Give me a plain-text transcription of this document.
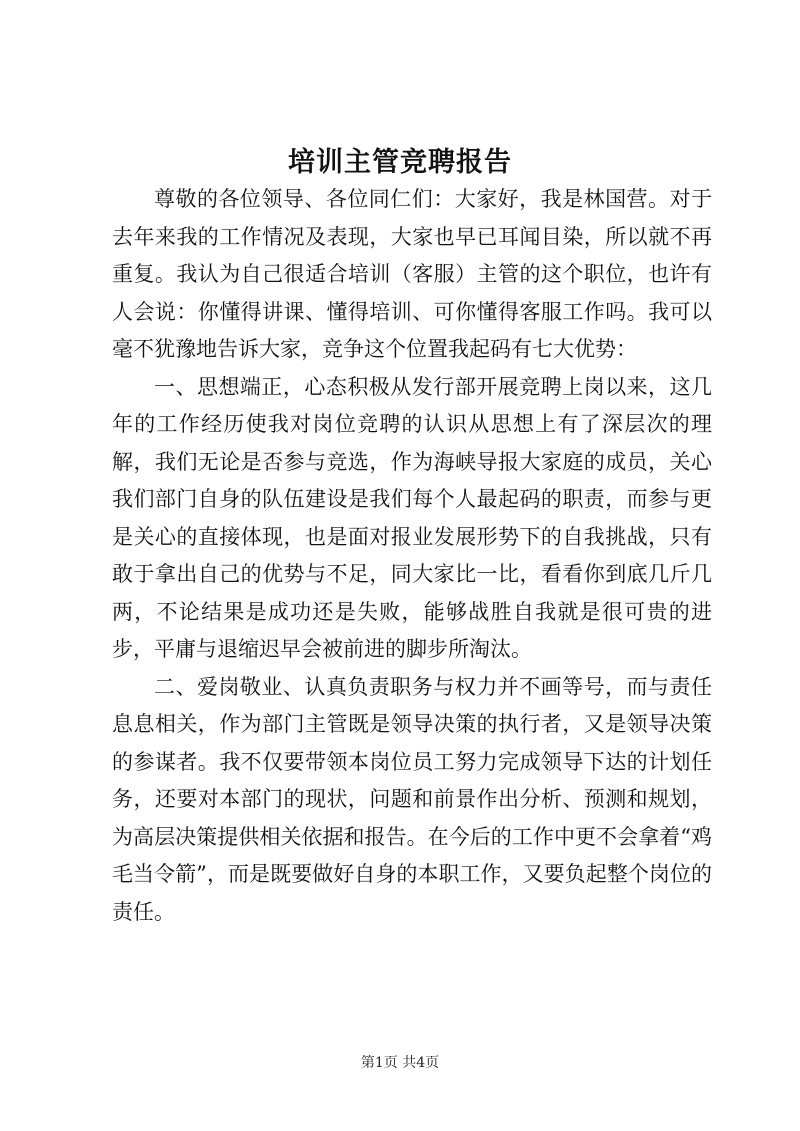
培训主管竞聘报告

尊敬的各位领导、各位同仁们：大家好，我是林国营。对于去年来我的工作情况及表现，大家也早已耳闻目染，所以就不再重复。我认为自己很适合培训（客服）主管的这个职位，也许有人会说：你懂得讲课、懂得培训、可你懂得客服工作吗。我可以毫不犹豫地告诉大家，竞争这个位置我起码有七大优势：

一、思想端正，心态积极从发行部开展竞聘上岗以来，这几年的工作经历使我对岗位竞聘的认识从思想上有了深层次的理解，我们无论是否参与竞选，作为海峡导报大家庭的成员，关心我们部门自身的队伍建设是我们每个人最起码的职责，而参与更是关心的直接体现，也是面对报业发展形势下的自我挑战，只有敢于拿出自己的优势与不足，同大家比一比，看看你到底几斤几两，不论结果是成功还是失败，能够战胜自我就是很可贵的进步，平庸与退缩迟早会被前进的脚步所淘汰。

二、爱岗敬业、认真负责职务与权力并不画等号，而与责任息息相关，作为部门主管既是领导决策的执行者，又是领导决策的参谋者。我不仅要带领本岗位员工努力完成领导下达的计划任务，还要对本部门的现状，问题和前景作出分析、预测和规划，为高层决策提供相关依据和报告。在今后的工作中更不会拿着“鸡毛当令箭”，而是既要做好自身的本职工作，又要负起整个岗位的责任。

第1页 共4页
